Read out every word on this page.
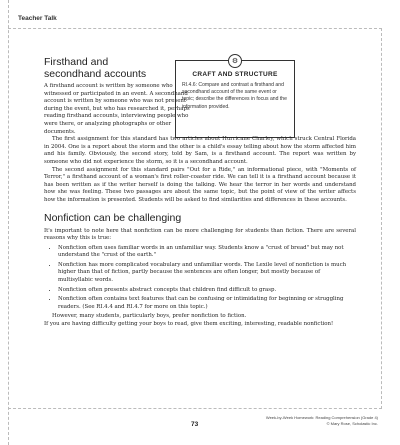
Teacher Talk
⚙
CRAFT AND STRUCTURE
RI.4.6: Compare and contrast a firsthand and secondhand account of the same event or topic; describe the differences in focus and the information provided.
Firsthand and
secondhand accounts

A firsthand account is written by someone who witnessed or participated in an event. A secondhand account is written by someone who was not present during the event, but who has researched it, perhaps reading firsthand accounts, interviewing people who were there, or analyzing photographs or other documents.

The first assignment for this standard has two articles about Hurricane Charley, which struck Central Florida in 2004. One is a report about the storm and the other is a child's essay telling about how the storm affected him and his family. Obviously, the second story, told by Sam, is a firsthand account. The report was written by someone who did not experience the storm, so it is a secondhand account.

The second assignment for this standard pairs "Out for a Ride," an informational piece, with "Moments of Terror," a firsthand account of a woman's first roller-coaster ride. We can tell it is a firsthand account because it has been written as if the writer herself is doing the talking. We hear the terror in her words and understand how she was feeling. These two passages are about the same topic, but the point of view of the writer affects how the information is presented. Students will be asked to find similarities and differences in these accounts.

Nonfiction can be challenging

It's important to note here that nonfiction can be more challenging for students than fiction. There are several reasons why this is true:

• Nonfiction often uses familiar words in an unfamiliar way. Students know a "crust of bread" but may not understand the "crust of the earth."
• Nonfiction has more complicated vocabulary and unfamiliar words. The Lexile level of nonfiction is much higher than that of fiction, partly because the sentences are often longer, but mostly because of multisyllabic words.
• Nonfiction often presents abstract concepts that children find difficult to grasp.
• Nonfiction often contains text features that can be confusing or intimidating for beginning or struggling readers. (See RI.4.4 and RI.4.7 for more on this topic.)

However, many students, particularly boys, prefer nonfiction to fiction.

If you are having difficulty getting your boys to read, give them exciting, interesting, readable nonfiction!

73
Week-by-Week Homework: Reading Comprehension (Grade 4)
© Mary Rose, Scholastic Inc.
